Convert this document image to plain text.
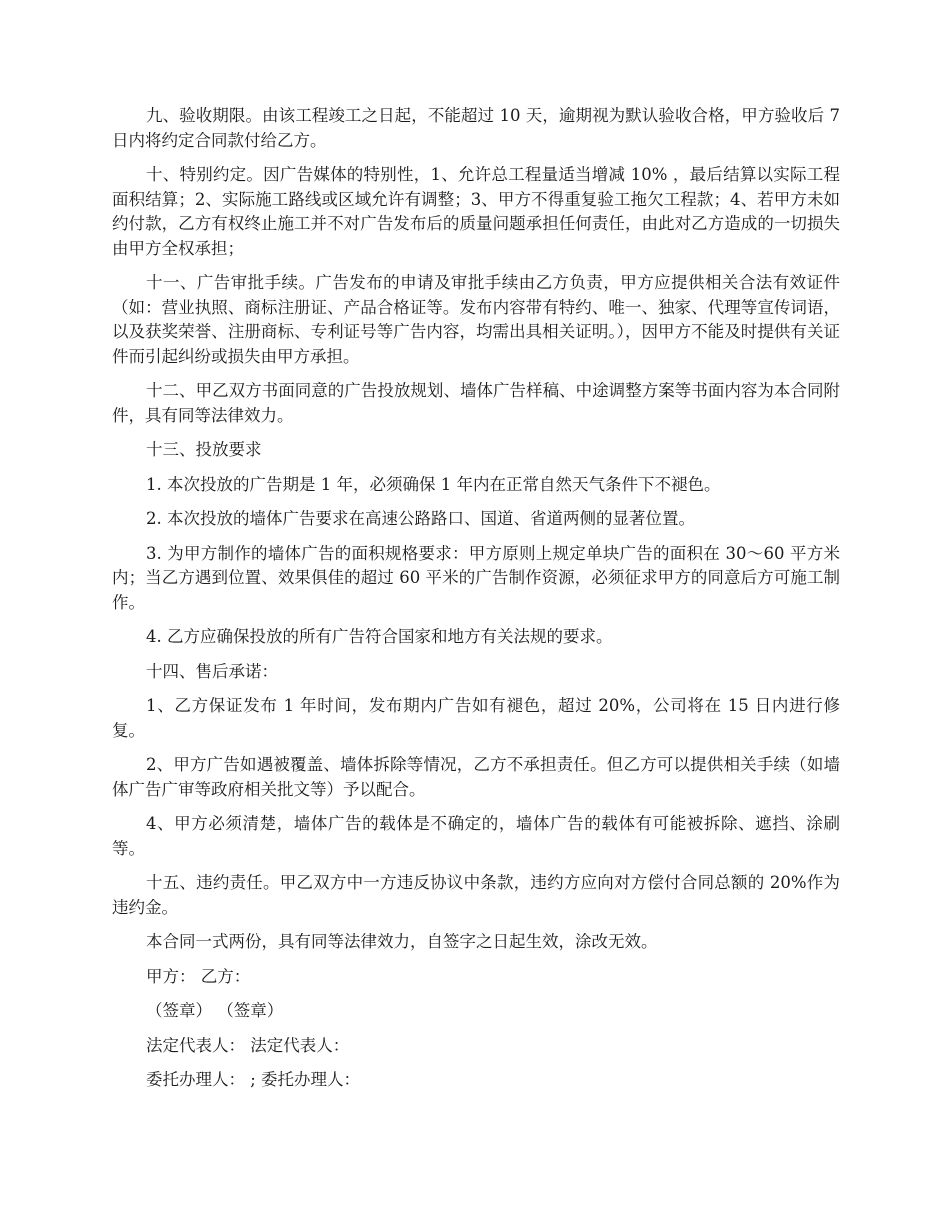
九、验收期限。由该工程竣工之日起，不能超过 10 天，逾期视为默认验收合格，甲方验收后 7 日内将约定合同款付给乙方。

十、特别约定。因广告媒体的特别性，1、允许总工程量适当增减 10% ，最后结算以实际工程面积结算；2、实际施工路线或区域允许有调整；3、甲方不得重复验工拖欠工程款；4、若甲方未如约付款，乙方有权终止施工并不对广告发布后的质量问题承担任何责任，由此对乙方造成的一切损失由甲方全权承担；

十一、广告审批手续。广告发布的申请及审批手续由乙方负责，甲方应提供相关合法有效证件（如：营业执照、商标注册证、产品合格证等。发布内容带有特约、唯一、独家、代理等宣传词语，以及获奖荣誉、注册商标、专利证号等广告内容，均需出具相关证明。），因甲方不能及时提供有关证件而引起纠纷或损失由甲方承担。

十二、甲乙双方书面同意的广告投放规划、墙体广告样稿、中途调整方案等书面内容为本合同附件，具有同等法律效力。

十三、投放要求

1. 本次投放的广告期是 1 年，必须确保 1 年内在正常自然天气条件下不褪色。

2. 本次投放的墙体广告要求在高速公路路口、国道、省道两侧的显著位置。

3. 为甲方制作的墙体广告的面积规格要求：甲方原则上规定单块广告的面积在 30～60 平方米内；当乙方遇到位置、效果俱佳的超过 60 平米的广告制作资源，必须征求甲方的同意后方可施工制作。

4. 乙方应确保投放的所有广告符合国家和地方有关法规的要求。

十四、售后承诺：

1、乙方保证发布 1 年时间，发布期内广告如有褪色，超过 20%，公司将在 15 日内进行修复。

2、甲方广告如遇被覆盖、墙体拆除等情况，乙方不承担责任。但乙方可以提供相关手续（如墙体广告广审等政府相关批文等）予以配合。

4、甲方必须清楚，墙体广告的载体是不确定的，墙体广告的载体有可能被拆除、遮挡、涂刷等。

十五、违约责任。甲乙双方中一方违反协议中条款，违约方应向对方偿付合同总额的 20%作为违约金。

本合同一式两份，具有同等法律效力，自签字之日起生效，涂改无效。

甲方： 乙方：

（签章） （签章）

法定代表人： 法定代表人：

委托办理人： ; 委托办理人：
